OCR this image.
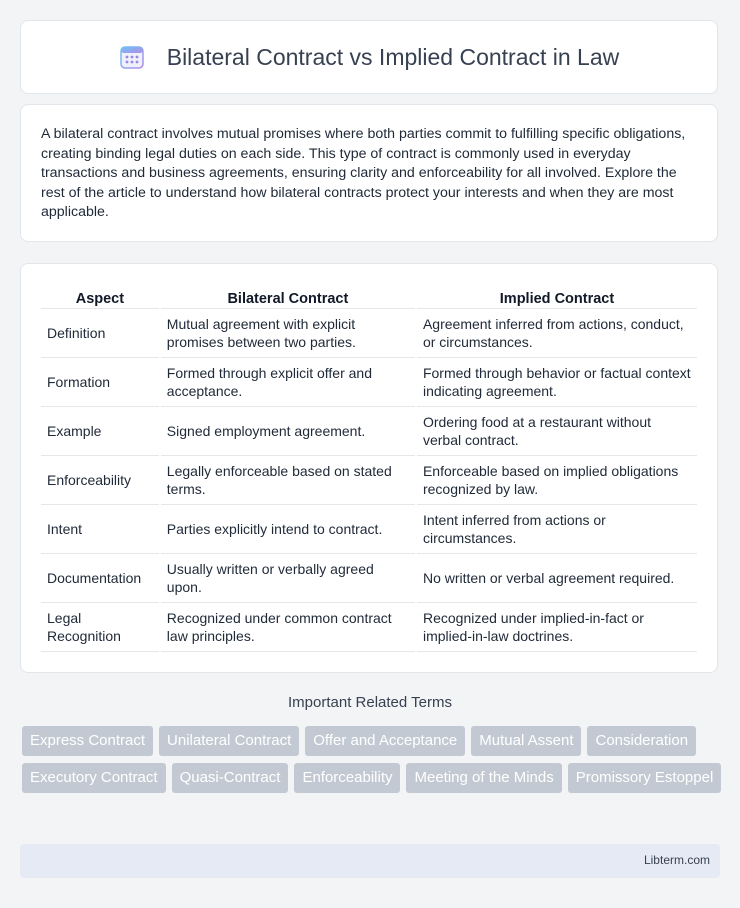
Bilateral Contract vs Implied Contract in Law

A bilateral contract involves mutual promises where both parties commit to fulfilling specific obligations, creating binding legal duties on each side. This type of contract is commonly used in everyday transactions and business agreements, ensuring clarity and enforceability for all involved. Explore the rest of the article to understand how bilateral contracts protect your interests and when they are most applicable.

Aspect	Bilateral Contract	Implied Contract
Definition	Mutual agreement with explicit promises between two parties.	Agreement inferred from actions, conduct, or circumstances.
Formation	Formed through explicit offer and acceptance.	Formed through behavior or factual context indicating agreement.
Example	Signed employment agreement.	Ordering food at a restaurant without verbal contract.
Enforceability	Legally enforceable based on stated terms.	Enforceable based on implied obligations recognized by law.
Intent	Parties explicitly intend to contract.	Intent inferred from actions or circumstances.
Documentation	Usually written or verbally agreed upon.	No written or verbal agreement required.
Legal Recognition	Recognized under common contract law principles.	Recognized under implied-in-fact or implied-in-law doctrines.
Important Related Terms
Express Contract	Unilateral Contract	Offer and Acceptance	Mutual Assent	Consideration
Executory Contract	Quasi-Contract	Enforceability	Meeting of the Minds	Promissory Estoppel
Libterm.com
